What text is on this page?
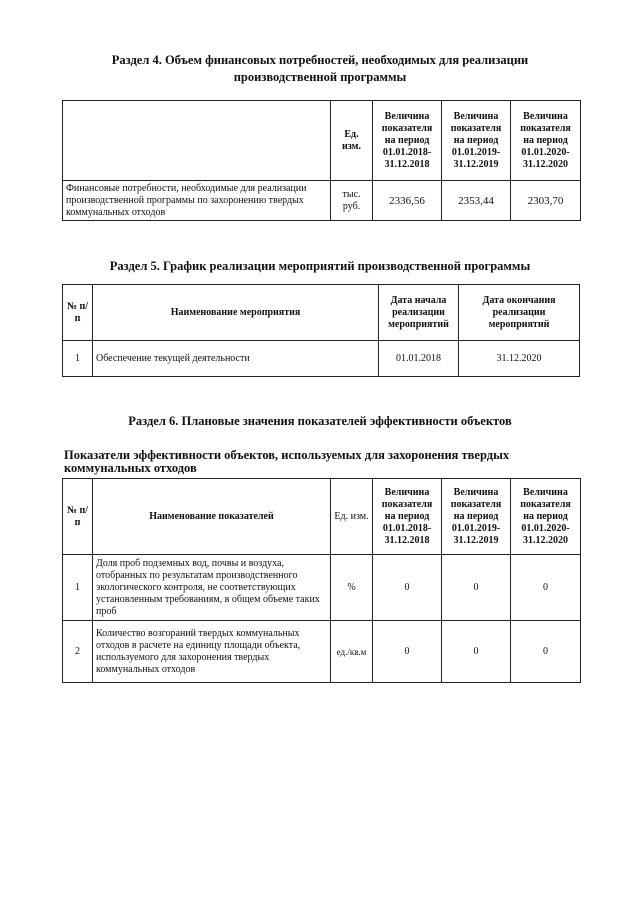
Раздел 4. Объем финансовых потребностей, необходимых для реализации
производственной программы
	Ед. изм.	Величина показателя на период 01.01.2018-31.12.2018	Величина показателя на период 01.01.2019-31.12.2019	Величина показателя на период 01.01.2020-31.12.2020
Финансовые потребности, необходимые для реализации производственной программы по захоронению твердых коммунальных отходов	тыс. руб.	2336,56	2353,44	2303,70
Раздел 5. График реализации мероприятий производственной программы
№ п/п	Наименование мероприятия	Дата начала реализации мероприятий	Дата окончания реализации мероприятий
1	Обеспечение текущей деятельности	01.01.2018	31.12.2020
Раздел 6. Плановые значения показателей эффективности объектов
Показатели эффективности объектов, используемых для захоронения твердых
коммунальных отходов
№ п/п	Наименование показателей	Ед. изм.	Величина показателя на период 01.01.2018-31.12.2018	Величина показателя на период 01.01.2019-31.12.2019	Величина показателя на период 01.01.2020-31.12.2020
1	Доля проб подземных вод, почвы и воздуха, отобранных по результатам производственного экологического контроля, не соответствующих установленным требованиям, в общем объеме таких проб	%	0	0	0
2	Количество возгораний твердых коммунальных отходов в расчете на единицу площади объекта, используемого для захоронения твердых коммунальных отходов	ед./кв.м	0	0	0
